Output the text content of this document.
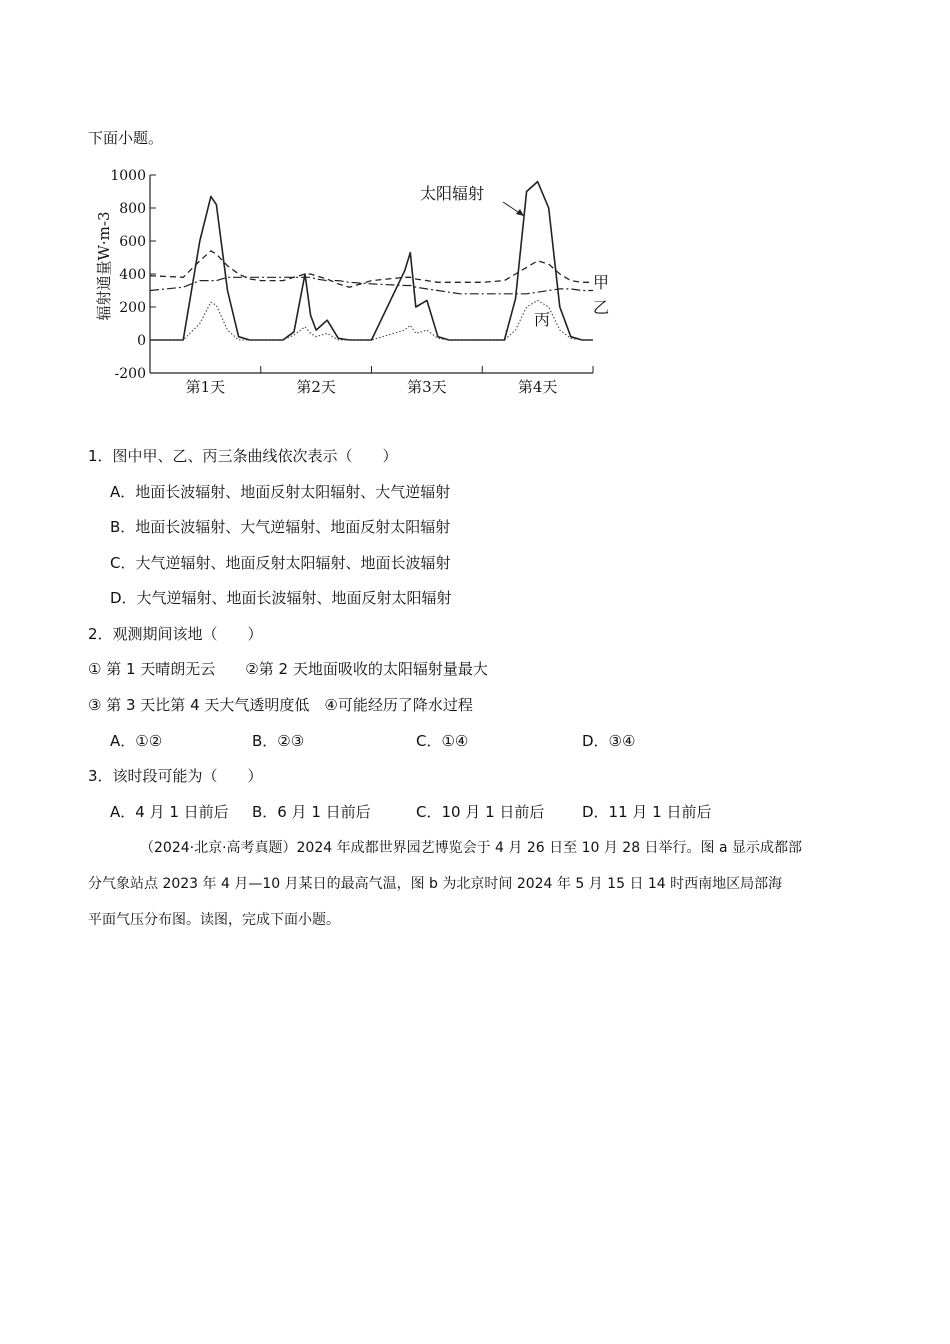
下面小题。
1000
800
600
400
200
0
-200
第1天	第2天	第3天	第4天
辐射通量W·m-3
太阳辐射
甲
乙
丙
1．图中甲、乙、丙三条曲线依次表示（　　）
A．地面长波辐射、地面反射太阳辐射、大气逆辐射
B．地面长波辐射、大气逆辐射、地面反射太阳辐射
C．大气逆辐射、地面反射太阳辐射、地面长波辐射
D．大气逆辐射、地面长波辐射、地面反射太阳辐射
2．观测期间该地（　　）
① 第 1 天晴朗无云　　②第 2 天地面吸收的太阳辐射量最大
③ 第 3 天比第 4 天大气透明度低　④可能经历了降水过程
A．①②	B．②③	C．①④	D．③④
3．该时段可能为（　　）
A．4 月 1 日前后 B．6 月 1 日前后	C．10 月 1 日前后	D．11 月 1 日前后
（2024·北京·高考真题）2024 年成都世界园艺博览会于 4 月 26 日至 10 月 28 日举行。图 a 显示成都部
分气象站点 2023 年 4 月—10 月某日的最高气温，图 b 为北京时间 2024 年 5 月 15 日 14 时西南地区局部海
平面气压分布图。读图，完成下面小题。
